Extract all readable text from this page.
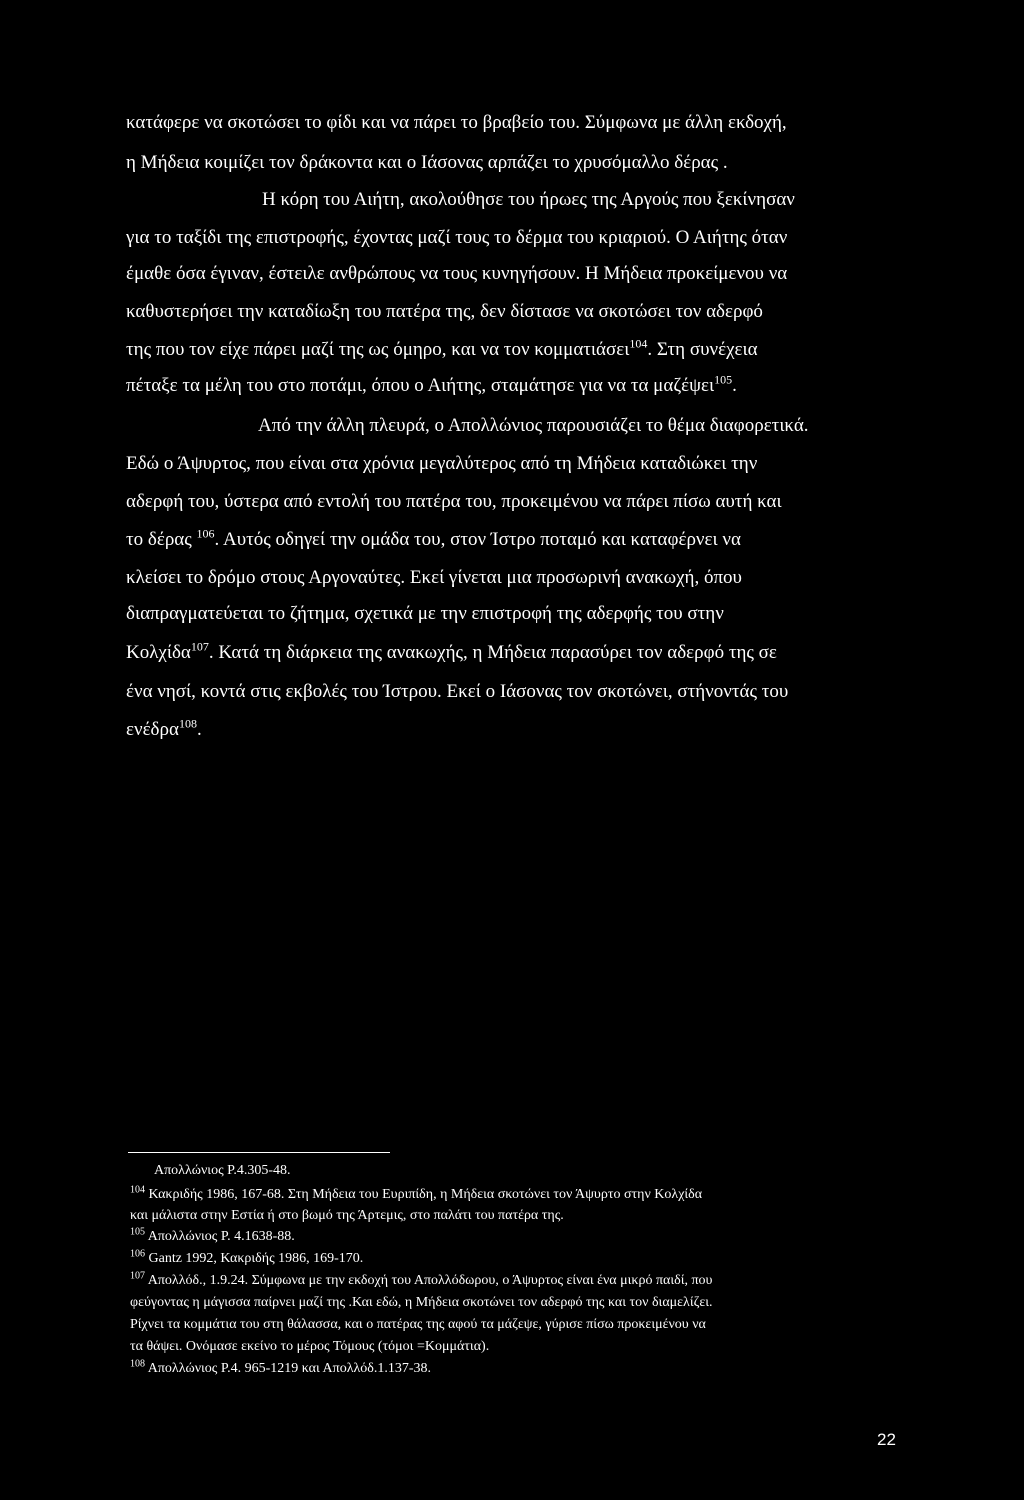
κατάφερε να σκοτώσει το φίδι και να πάρει το βραβείο του. Σύμφωνα με άλλη εκδοχή,
η Μήδεια κοιμίζει τον δράκοντα και ο Ιάσονας αρπάζει το χρυσόμαλλο δέρας .
Η κόρη του Αιήτη, ακολούθησε του ήρωες της Αργούς που ξεκίνησαν
για το ταξίδι της επιστροφής, έχοντας μαζί τους το δέρμα του κριαριού. Ο Αιήτης όταν
έμαθε όσα έγιναν, έστειλε ανθρώπους να τους κυνηγήσουν. Η Μήδεια προκείμενου να
καθυστερήσει την καταδίωξη του πατέρα της, δεν δίστασε να σκοτώσει τον αδερφό
της που τον είχε πάρει μαζί της ως όμηρο, και να τον κομματιάσει$^{104}$. Στη συνέχεια
πέταξε τα μέλη του στο ποτάμι, όπου ο Αιήτης, σταμάτησε για να τα μαζέψει$^{105}$.
Από την άλλη πλευρά, ο Απολλώνιος παρουσιάζει το θέμα διαφορετικά.
Εδώ ο Άψυρτος, που είναι στα χρόνια μεγαλύτερος από τη Μήδεια καταδιώκει την
αδερφή του, ύστερα από εντολή του πατέρα του, προκειμένου να πάρει πίσω αυτή και
το δέρας $^{106}$. Αυτός οδηγεί την ομάδα του, στον Ίστρο ποταμό και καταφέρνει να
κλείσει το δρόμο στους Αργοναύτες. Εκεί γίνεται μια προσωρινή ανακωχή, όπου
διαπραγματεύεται το ζήτημα, σχετικά με την επιστροφή της αδερφής του στην
Κολχίδα$^{107}$. Κατά τη διάρκεια της ανακωχής, η Μήδεια παρασύρει τον αδερφό της σε
ένα νησί, κοντά στις εκβολές του Ίστρου. Εκεί ο Ιάσονας τον σκοτώνει, στήνοντάς του
ενέδρα$^{108}$.
Απολλώνιος Ρ.4.305-48.
$^{104}$ Κακριδής 1986, 167-68. Στη Μήδεια του Ευριπίδη, η Μήδεια σκοτώνει τον Άψυρτο στην Κολχίδα
και μάλιστα στην Εστία ή στο βωμό της Άρτεμις, στο παλάτι του πατέρα της.
$^{105}$ Απολλώνιος Ρ. 4.1638-88.
$^{106}$ Gantz 1992, Κακριδής 1986, 169-170.
$^{107}$ Απολλόδ., 1.9.24. Σύμφωνα με την εκδοχή του Απολλόδωρου, ο Άψυρτος είναι ένα μικρό παιδί, που
φεύγοντας η μάγισσα παίρνει μαζί της .Και εδώ, η Μήδεια σκοτώνει τον αδερφό της και τον διαμελίζει.
Ρίχνει τα κομμάτια του στη θάλασσα, και ο πατέρας της αφού τα μάζεψε, γύρισε πίσω προκειμένου να
τα θάψει. Ονόμασε εκείνο το μέρος Τόμους (τόμοι =Κομμάτια).
$^{108}$ Απολλώνιος Ρ.4. 965-1219 και Απολλόδ.1.137-38.
22
